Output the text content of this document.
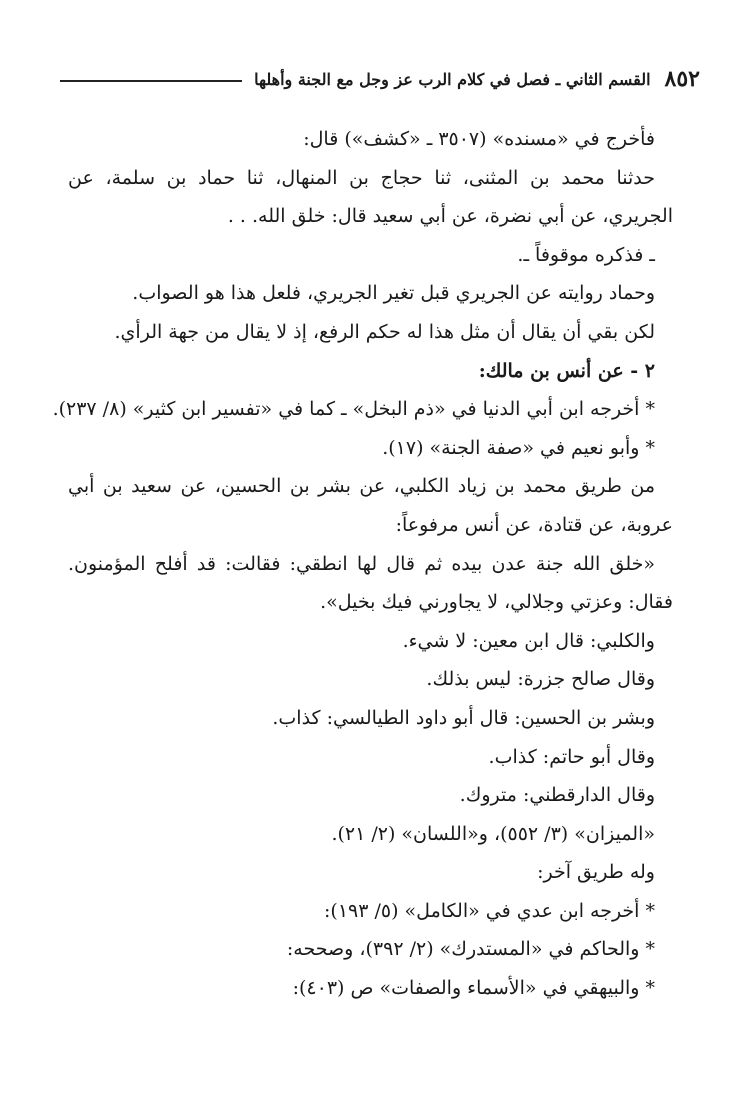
٨٥٢
القسم الثاني ـ فصل في كلام الرب عز وجل مع الجنة وأهلها
فأخرج في «مسنده» (٣٥٠٧ ـ «كشف») قال:
حدثنا محمد بن المثنى، ثنا حجاج بن المنهال، ثنا حماد بن سلمة، عن
الجريري، عن أبي نضرة، عن أبي سعيد قال: خلق الله. . .
ـ فذكره موقوفاً ـ.
وحماد روايته عن الجريري قبل تغير الجريري، فلعل هذا هو الصواب.
لكن بقي أن يقال أن مثل هذا له حكم الرفع، إذ لا يقال من جهة الرأي.
٢ - عن أنس بن مالك:
* أخرجه ابن أبي الدنيا في «ذم البخل» ـ كما في «تفسير ابن كثير» (٨/ ٢٣٧).
* وأبو نعيم في «صفة الجنة» (١٧).
من طريق محمد بن زياد الكلبي، عن بشر بن الحسين، عن سعيد بن أبي
عروبة، عن قتادة، عن أنس مرفوعاً:
«خلق الله جنة عدن بيده ثم قال لها انطقي: فقالت: قد أفلح المؤمنون.
فقال: وعزتي وجلالي، لا يجاورني فيك بخيل».
والكلبي: قال ابن معين: لا شيء.
وقال صالح جزرة: ليس بذلك.
وبشر بن الحسين: قال أبو داود الطيالسي: كذاب.
وقال أبو حاتم: كذاب.
وقال الدارقطني: متروك.
«الميزان» (٣/ ٥٥٢)، و«اللسان» (٢/ ٢١).
وله طريق آخر:
* أخرجه ابن عدي في «الكامل» (٥/ ١٩٣):
* والحاكم في «المستدرك» (٢/ ٣٩٢)، وصححه:
* والبيهقي في «الأسماء والصفات» ص (٤٠٣):
